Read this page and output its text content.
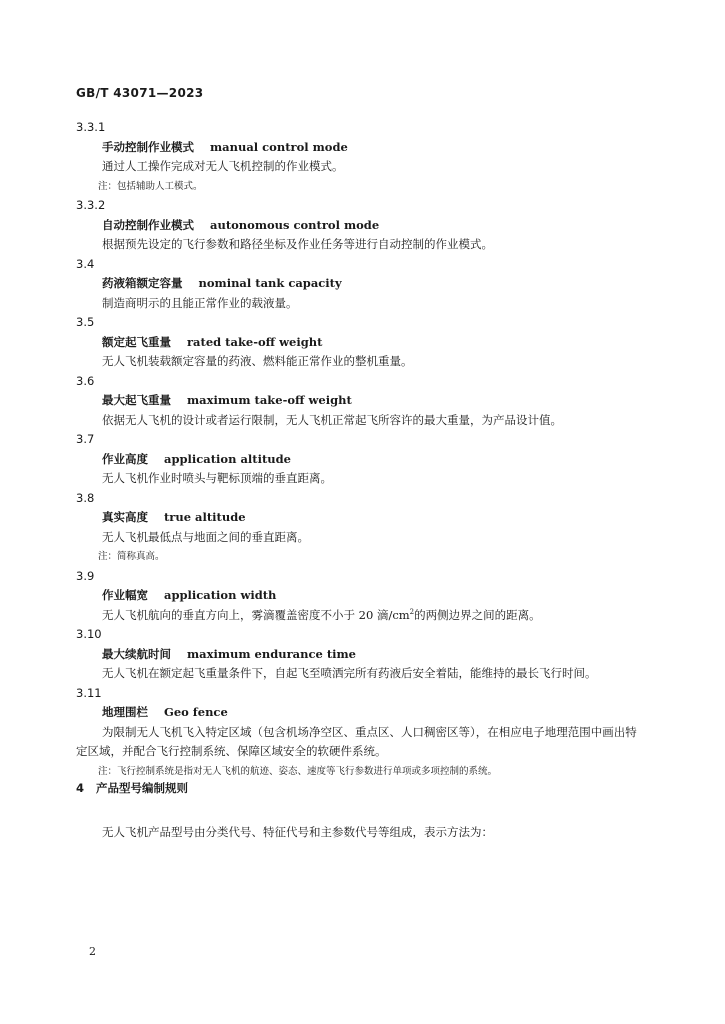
GB/T 43071—2023
3.3.1
手动控制作业模式 manual control mode
通过人工操作完成对无人飞机控制的作业模式。
注：包括辅助人工模式。
3.3.2
自动控制作业模式 autonomous control mode
根据预先设定的飞行参数和路径坐标及作业任务等进行自动控制的作业模式。
3.4
药液箱额定容量 nominal tank capacity
制造商明示的且能正常作业的载液量。
3.5
额定起飞重量 rated take-off weight
无人飞机装载额定容量的药液、燃料能正常作业的整机重量。
3.6
最大起飞重量 maximum take-off weight
依据无人飞机的设计或者运行限制，无人飞机正常起飞所容许的最大重量，为产品设计值。
3.7
作业高度 application altitude
无人飞机作业时喷头与靶标顶端的垂直距离。
3.8
真实高度 true altitude
无人飞机最低点与地面之间的垂直距离。
注：简称真高。
3.9
作业幅宽 application width
无人飞机航向的垂直方向上，雾滴覆盖密度不小于 20 滴$/cm^2$的两侧边界之间的距离。
3.10
最大续航时间 maximum endurance time
无人飞机在额定起飞重量条件下，自起飞至喷洒完所有药液后安全着陆，能维持的最长飞行时间。
3.11
地理围栏 Geo fence
为限制无人飞机飞入特定区域（包含机场净空区、重点区、人口稠密区等），在相应电子地理范围中画出特定区域，并配合飞行控制系统、保障区域安全的软硬件系统。
注：飞行控制系统是指对无人飞机的航迹、姿态、速度等飞行参数进行单项或多项控制的系统。
4 产品型号编制规则
无人飞机产品型号由分类代号、特征代号和主参数代号等组成，表示方法为：
2
